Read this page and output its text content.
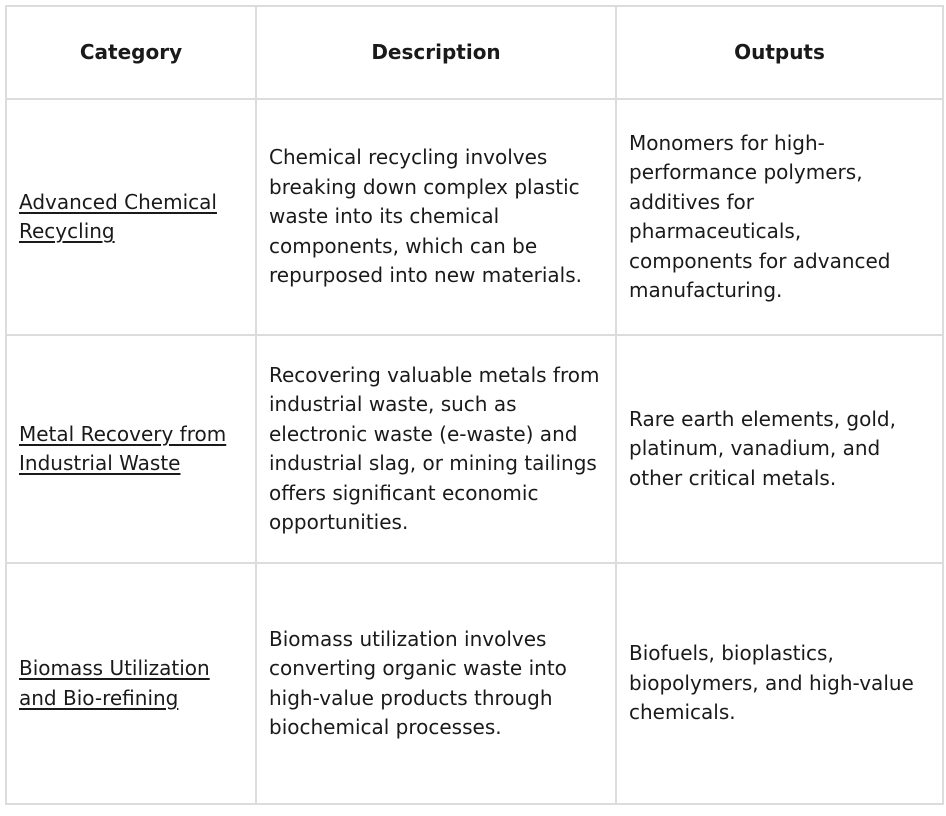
Category	Description	Outputs
Advanced Chemical Recycling	Chemical recycling involves breaking down complex plastic waste into its chemical components, which can be repurposed into new materials.	Monomers for high-performance polymers, additives for pharmaceuticals, components for advanced manufacturing.
Metal Recovery from Industrial Waste	Recovering valuable metals from industrial waste, such as electronic waste (e-waste) and industrial slag, or mining tailings offers significant economic opportunities.	Rare earth elements, gold, platinum, vanadium, and other critical metals.
Biomass Utilization and Bio-refining	Biomass utilization involves converting organic waste into high-value products through biochemical processes.	Biofuels, bioplastics, biopolymers, and high-value chemicals.
